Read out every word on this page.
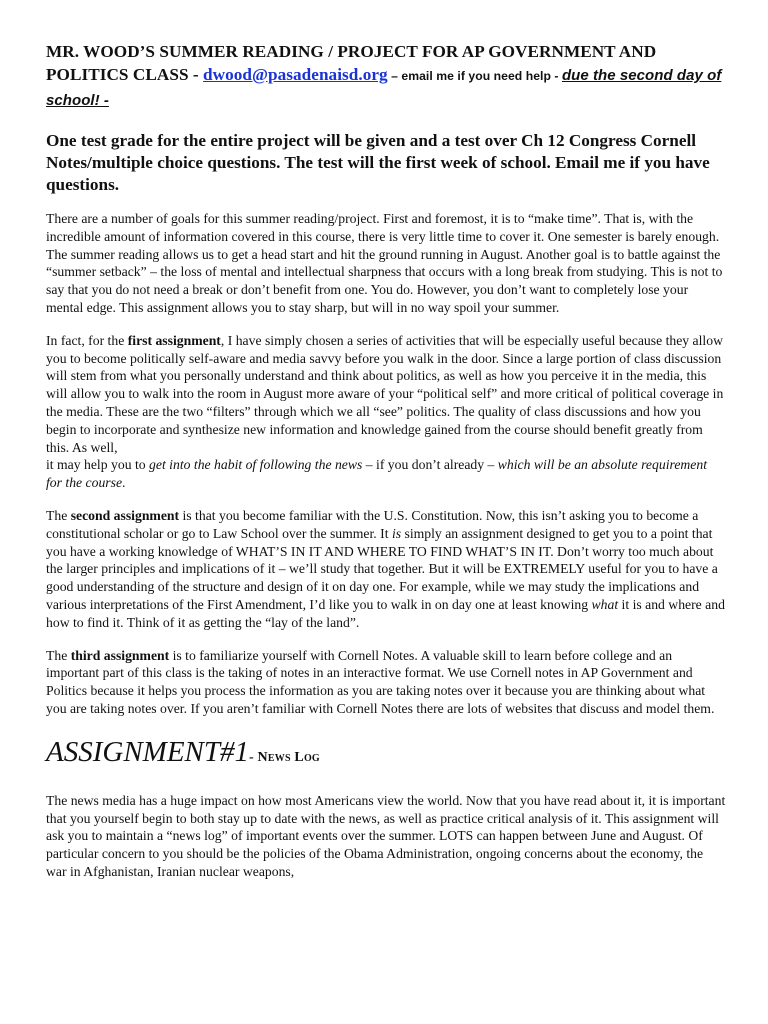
MR. WOOD’S SUMMER READING / PROJECT FOR AP GOVERNMENT AND POLITICS CLASS - dwood@pasadenaisd.org – email me if you need help - due the second day of school! -

One test grade for the entire project will be given and a test over Ch 12 Congress Cornell Notes/multiple choice questions. The test will the first week of school. Email me if you have questions.

There are a number of goals for this summer reading/project. First and foremost, it is to “make time”. That is, with the incredible amount of information covered in this course, there is very little time to cover it. One semester is barely enough. The summer reading allows us to get a head start and hit the ground running in August. Another goal is to battle against the “summer setback” – the loss of mental and intellectual sharpness that occurs with a long break from studying. This is not to say that you do not need a break or don’t benefit from one. You do. However, you don’t want to completely lose your mental edge. This assignment allows you to stay sharp, but will in no way spoil your summer.

In fact, for the first assignment, I have simply chosen a series of activities that will be especially useful because they allow you to become politically self-aware and media savvy before you walk in the door. Since a large portion of class discussion will stem from what you personally understand and think about politics, as well as how you perceive it in the media, this will allow you to walk into the room in August more aware of your “political self” and more critical of political coverage in the media. These are the two “filters” through which we all “see” politics. The quality of class discussions and how you begin to incorporate and synthesize new information and knowledge gained from the course should benefit greatly from this. As well,
it may help you to get into the habit of following the news – if you don’t already – which will be an absolute requirement for the course.

The second assignment is that you become familiar with the U.S. Constitution. Now, this isn’t asking you to become a constitutional scholar or go to Law School over the summer. It is simply an assignment designed to get you to a point that you have a working knowledge of WHAT’S IN IT AND WHERE TO FIND WHAT’S IN IT. Don’t worry too much about the larger principles and implications of it – we’ll study that together. But it will be EXTREMELY useful for you to have a good understanding of the structure and design of it on day one. For example, while we may study the implications and various interpretations of the First Amendment, I’d like you to walk in on day one at least knowing what it is and where and how to find it. Think of it as getting the “lay of the land”.

The third assignment is to familiarize yourself with Cornell Notes. A valuable skill to learn before college and an important part of this class is the taking of notes in an interactive format. We use Cornell notes in AP Government and Politics because it helps you process the information as you are taking notes over it because you are thinking about what you are taking notes over. If you aren’t familiar with Cornell Notes there are lots of websites that discuss and model them.

ASSIGNMENT#1- News Log

The news media has a huge impact on how most Americans view the world. Now that you have read about it, it is important that you yourself begin to both stay up to date with the news, as well as practice critical analysis of it. This assignment will ask you to maintain a “news log” of important events over the summer. LOTS can happen between June and August. Of particular concern to you should be the policies of the Obama Administration, ongoing concerns about the economy, the war in Afghanistan, Iranian nuclear weapons,
